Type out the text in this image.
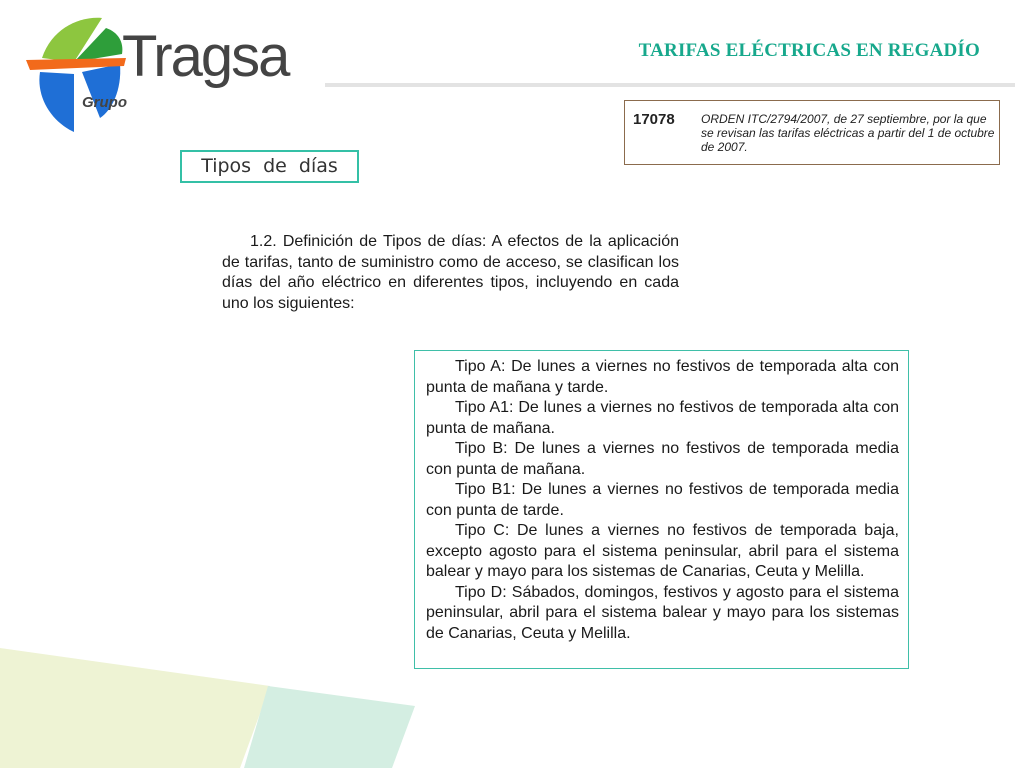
Tragsa
Grupo
TARIFAS ELÉCTRICAS EN REGADÍO
17078 ORDEN ITC/2794/2007, de 27 septiembre, por la que se revisan las tarifas eléctricas a partir del 1 de octubre de 2007.
Tipos de días
1.2. Definición de Tipos de días: A efectos de la aplicación de tarifas, tanto de suministro como de acceso, se clasifican los días del año eléctrico en diferentes tipos, incluyendo en cada uno los siguientes:

Tipo A: De lunes a viernes no festivos de temporada alta con punta de mañana y tarde.

Tipo A1: De lunes a viernes no festivos de temporada alta con punta de mañana.

Tipo B: De lunes a viernes no festivos de temporada media con punta de mañana.

Tipo B1: De lunes a viernes no festivos de temporada media con punta de tarde.

Tipo C: De lunes a viernes no festivos de temporada baja, excepto agosto para el sistema peninsular, abril para el sistema balear y mayo para los sistemas de Canarias, Ceuta y Melilla.

Tipo D: Sábados, domingos, festivos y agosto para el sistema peninsular, abril para el sistema balear y mayo para los sistemas de Canarias, Ceuta y Melilla.
